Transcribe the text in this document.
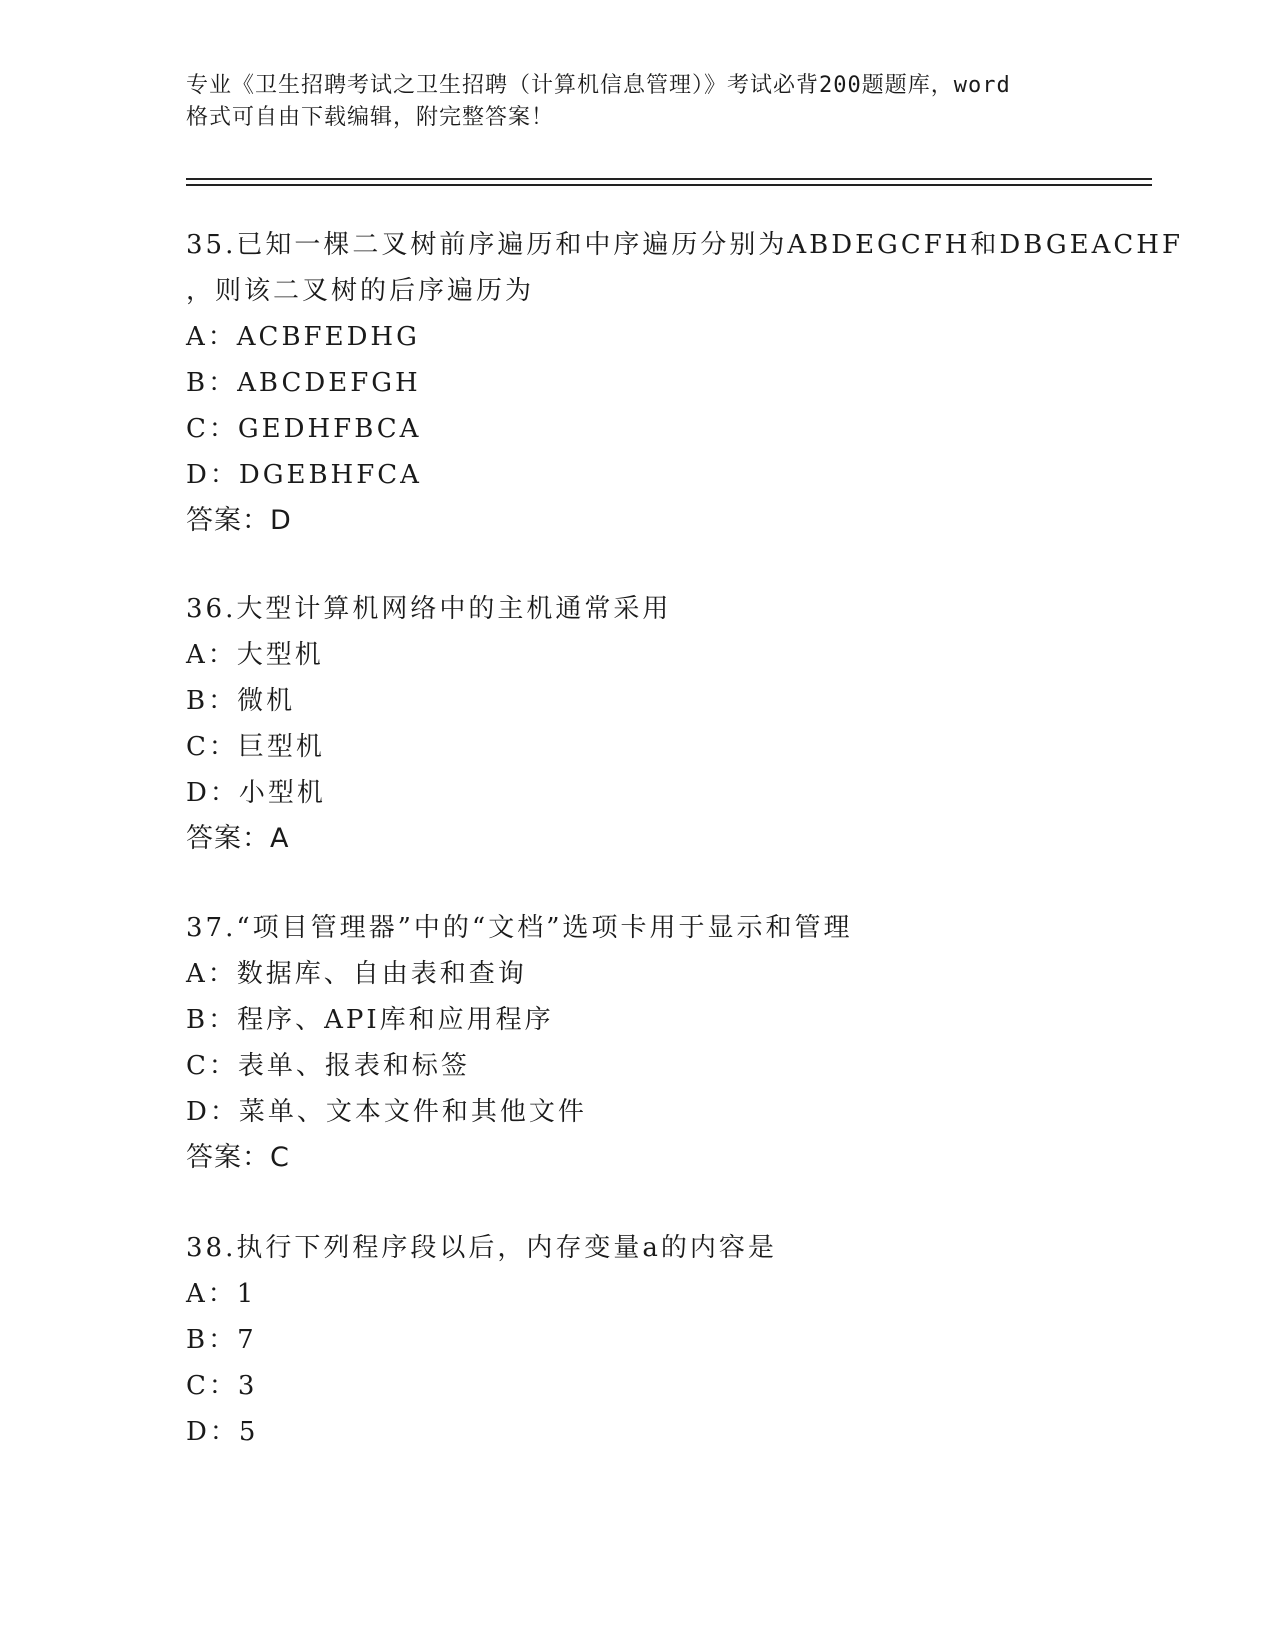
专业《卫生招聘考试之卫生招聘（计算机信息管理）》考试必背200题题库，word
格式可自由下载编辑，附完整答案！
35.已知一棵二叉树前序遍历和中序遍历分别为ABDEGCFH和DBGEACHF
，则该二叉树的后序遍历为
A：ACBFEDHG
B：ABCDEFGH
C：GEDHFBCA
D：DGEBHFCA
答案：D
36.大型计算机网络中的主机通常采用
A：大型机
B：微机
C：巨型机
D：小型机
答案：A
37.“项目管理器”中的“文档”选项卡用于显示和管理
A：数据库、自由表和查询
B：程序、API库和应用程序
C：表单、报表和标签
D：菜单、文本文件和其他文件
答案：C
38.执行下列程序段以后，内存变量a的内容是
A：1
B：7
C：3
D：5
